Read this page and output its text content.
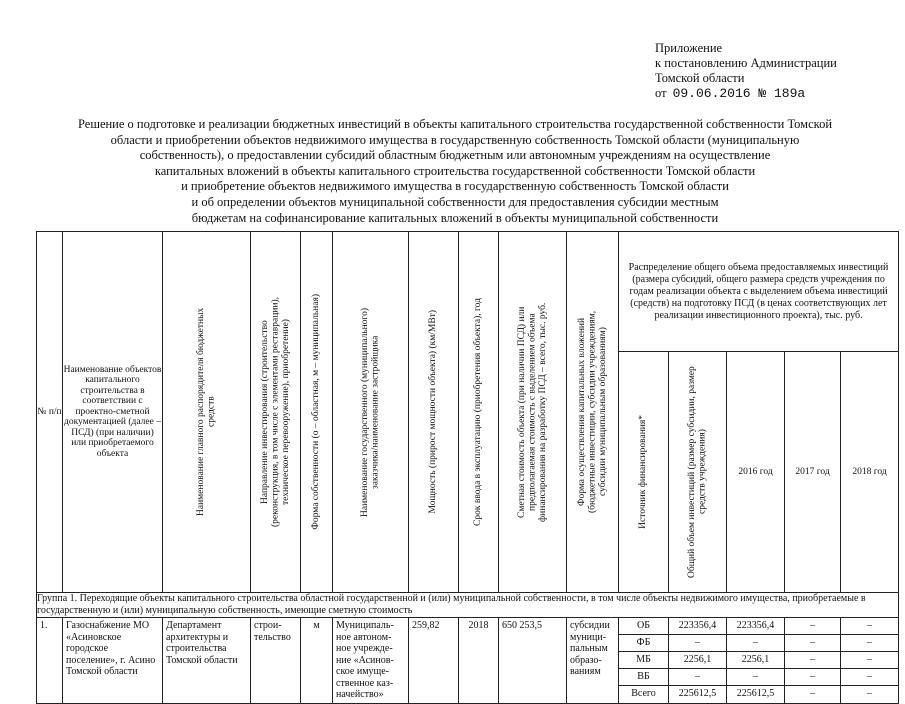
Приложение
к постановлению Администрации
Томской области
от 09.06.2016 № 189а
Решение о подготовке и реализации бюджетных инвестиций в объекты капитального строительства государственной собственности Томской
области и приобретении объектов недвижимого имущества в государственную собственность Томской области (муниципальную
собственность), о предоставлении субсидий областным бюджетным или автономным учреждениям на осуществление
капитальных вложений в объекты капитального строительства государственной собственности Томской области
и приобретение объектов недвижимого имущества в государственную собственность Томской области
и об определении объектов муниципальной собственности для предоставления субсидии местным
бюджетам на софинансирование капитальных вложений в объекты муниципальной собственности
№ п/п	Наименование объектов капитального строительства в соответствии с проектно-сметной документацией (далее – ПСД) (при наличии) или приобретаемого объекта	Наименование главного распорядителя бюджетных средств	Направление инвестирования (строительство (реконструкция, в том числе с элементами реставрации), техническое перевооружение), приобретение)	Форма собственности (о – областная, м – муниципальная)	Наименование государственного (муниципального) заказчика/наименование застройщика	Мощность (прирост мощности объекта) (км/МВт)	Срок ввода в эксплуатацию (приобретения объекта), год	Сметная стоимость объекта (при наличии ПСД) или предполагаемая стоимость с выделением объема финансирования на разработку ПСД – всего, тыс. руб.	Форма осуществления капитальных вложений (бюджетные инвестиции, субсидии учреждениям, субсидии муниципальным образованиям)	Распределение общего объема предоставляемых инвестиций (размера субсидий, общего размера средств учреждения по годам реализации объекта с выделением объема инвестиций (средств) на подготовку ПСД (в ценах соответствующих лет реализации инвестиционного проекта), тыс. руб.				

										Источник финансирования*	Общий объем инвестиций (размер субсидии, размер средств учреждения)	2016 год	2017 год	2018 год
Группа 1. Переходящие объекты капитального строительства областной государственной и (или) муниципальной собственности, в том числе объекты недвижимого имущества, приобретаемые в государственную и (или) муниципальную собственность, имеющие сметную стоимость														
1.	Газоснабжение МО «Асиновское городское поселение», г. Асино Томской области	Департамент архитектуры и строительства Томской области	строи-тельство	м	Муниципаль-ное автоном-ное учрежде-ние «Асинов-ское имуще-ственное каз-начейство»	259,82	2018	650 253,5	субсидии муници-пальным образо-ваниям	ОБ	223356,4	223356,4	–	–
										ФБ	–	–	–	–
										МБ	2256,1	2256,1	–	–
										ВБ	–	–	–	–
										Всего	225612,5	225612,5	–	–
